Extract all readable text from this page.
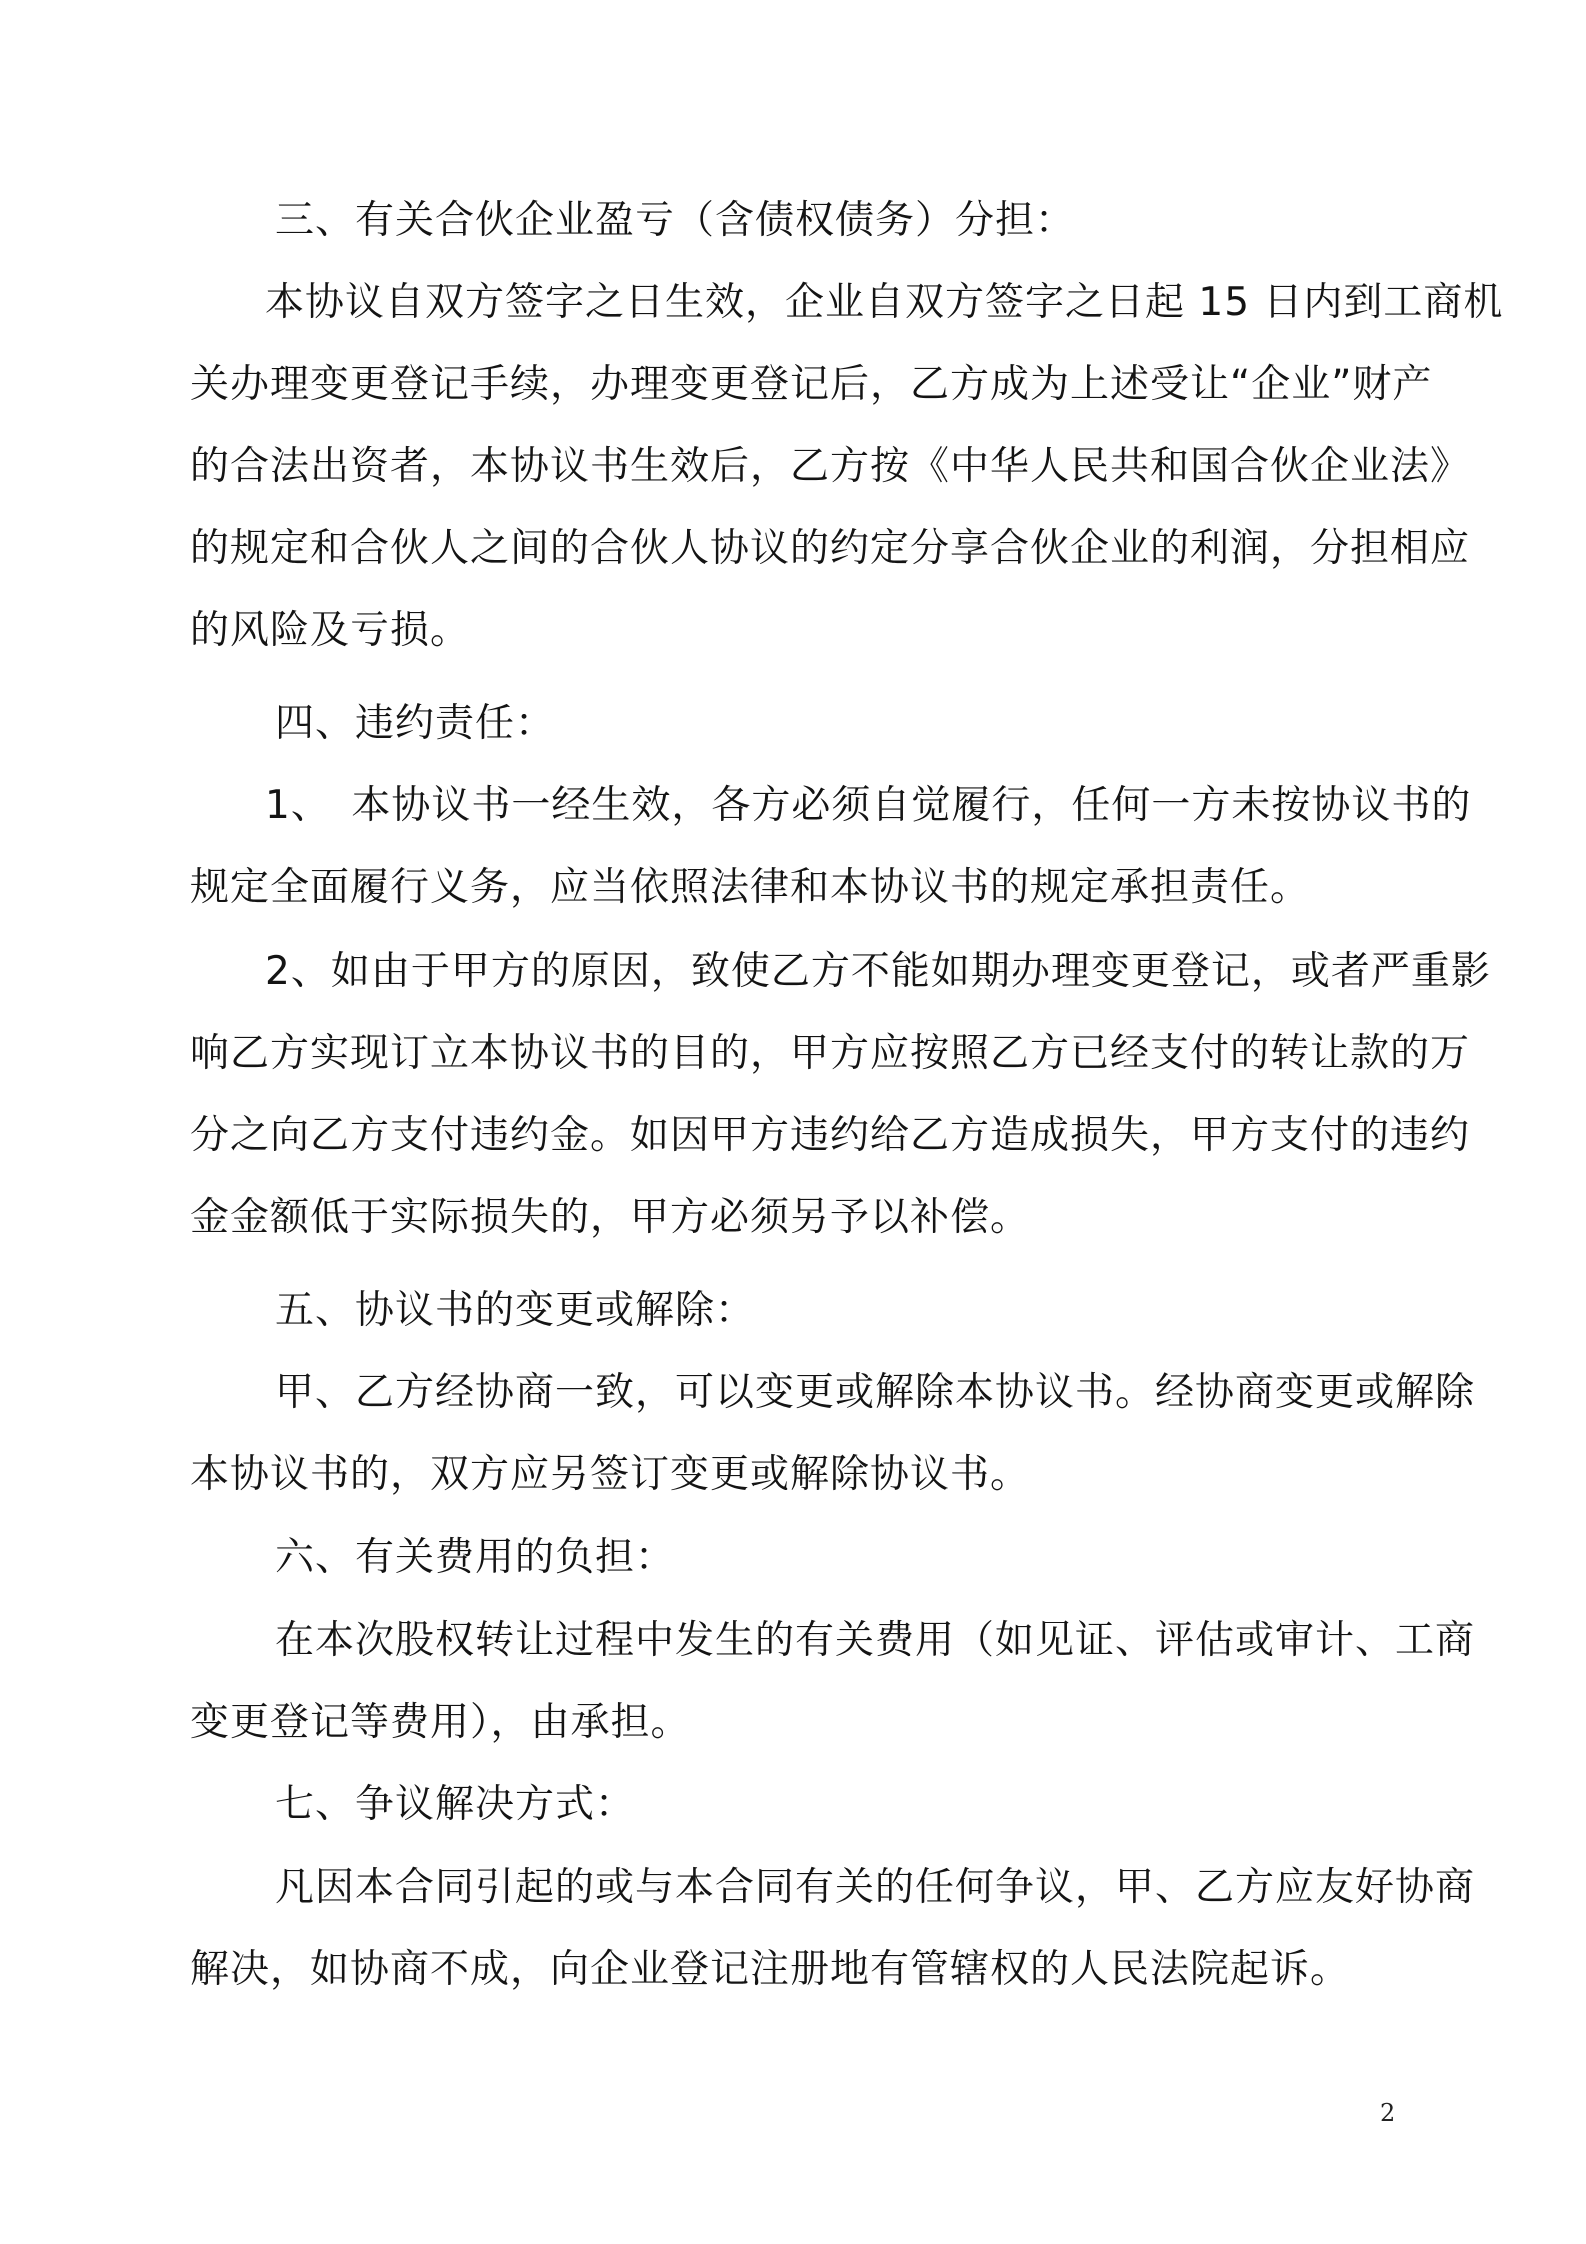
三、有关合伙企业盈亏（含债权债务）分担：
本协议自双方签字之日生效，企业自双方签字之日起 15 日内到工商机
关办理变更登记手续，办理变更登记后，乙方成为上述受让“企业”财产
的合法出资者，本协议书生效后，乙方按《中华人民共和国合伙企业法》
的规定和合伙人之间的合伙人协议的约定分享合伙企业的利润，分担相应
的风险及亏损。
四、违约责任：
1、　本协议书一经生效，各方必须自觉履行，任何一方未按协议书的
规定全面履行义务，应当依照法律和本协议书的规定承担责任。
2、如由于甲方的原因，致使乙方不能如期办理变更登记，或者严重影
响乙方实现订立本协议书的目的，甲方应按照乙方已经支付的转让款的万
分之向乙方支付违约金。如因甲方违约给乙方造成损失，甲方支付的违约
金金额低于实际损失的，甲方必须另予以补偿。
五、协议书的变更或解除：
甲、乙方经协商一致，可以变更或解除本协议书。经协商变更或解除
本协议书的，双方应另签订变更或解除协议书。
六、有关费用的负担：
在本次股权转让过程中发生的有关费用（如见证、评估或审计、工商
变更登记等费用），由承担。
七、争议解决方式：
凡因本合同引起的或与本合同有关的任何争议，甲、乙方应友好协商
解决，如协商不成，向企业登记注册地有管辖权的人民法院起诉。
2
